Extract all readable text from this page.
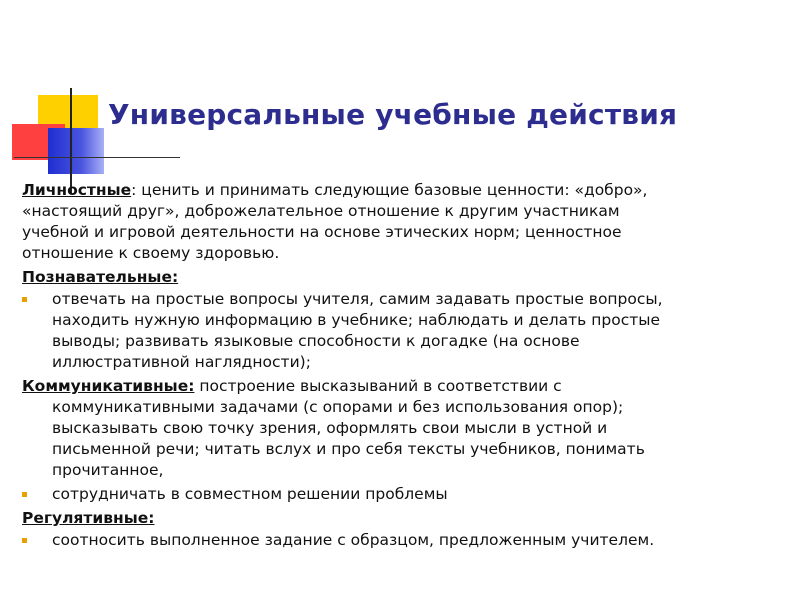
Универсальные учебные действия
Личностные: ценить и принимать следующие базовые ценности: «добро»,
«настоящий друг», доброжелательное отношение к другим участникам
учебной и игровой деятельности на основе этических норм; ценностное
отношение к своему здоровью.
Познавательные:
отвечать на простые вопросы учителя, самим задавать простые вопросы,
находить нужную информацию в учебнике; наблюдать и делать простые
выводы; развивать языковые способности к догадке (на основе
иллюстративной наглядности);
Коммуникативные: построение высказываний в соответствии с
коммуникативными задачами (с опорами и без использования опор);
высказывать свою точку зрения, оформлять свои мысли в устной и
письменной речи; читать вслух и про себя тексты учебников, понимать
прочитанное,
сотрудничать в совместном решении проблемы
Регулятивные:
соотносить выполненное задание с образцом, предложенным учителем.
